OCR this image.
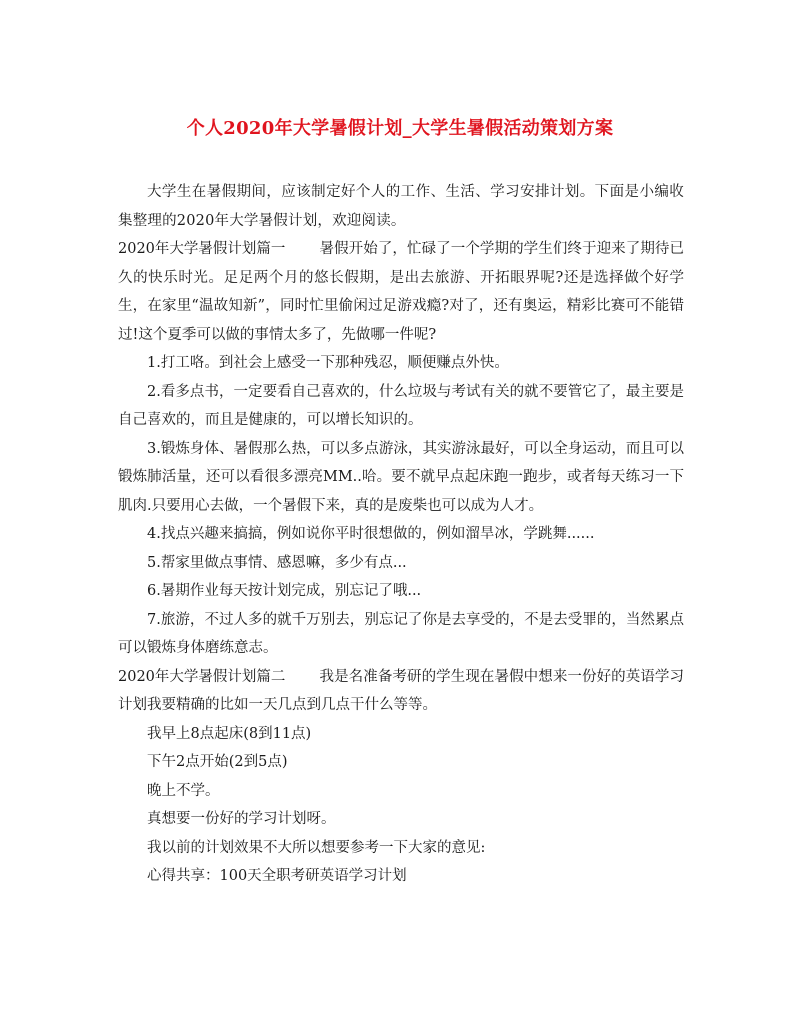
个人2020年大学暑假计划_大学生暑假活动策划方案

大学生在暑假期间，应该制定好个人的工作、生活、学习安排计划。下面是小编收集整理的2020年大学暑假计划，欢迎阅读。

2020年大学暑假计划篇一 暑假开始了，忙碌了一个学期的学生们终于迎来了期待已久的快乐时光。足足两个月的悠长假期，是出去旅游、开拓眼界呢?还是选择做个好学生，在家里“温故知新”，同时忙里偷闲过足游戏瘾?对了，还有奥运，精彩比赛可不能错过!这个夏季可以做的事情太多了，先做哪一件呢?

1.打工咯。到社会上感受一下那种残忍，顺便赚点外快。

2.看多点书，一定要看自己喜欢的，什么垃圾与考试有关的就不要管它了，最主要是自己喜欢的，而且是健康的，可以增长知识的。

3.锻炼身体、暑假那么热，可以多点游泳，其实游泳最好，可以全身运动，而且可以锻炼肺活量，还可以看很多漂亮MM..哈。要不就早点起床跑一跑步，或者每天练习一下肌肉.只要用心去做，一个暑假下来，真的是废柴也可以成为人才。

4.找点兴趣来搞搞，例如说你平时很想做的，例如溜旱冰，学跳舞......

5.帮家里做点事情、感恩嘛，多少有点...

6.暑期作业每天按计划完成，别忘记了哦...

7.旅游，不过人多的就千万别去，别忘记了你是去享受的，不是去受罪的，当然累点可以锻炼身体磨练意志。

2020年大学暑假计划篇二 我是名准备考研的学生现在暑假中想来一份好的英语学习计划我要精确的比如一天几点到几点干什么等等。

我早上8点起床(8到11点)

下午2点开始(2到5点)

晚上不学。

真想要一份好的学习计划呀。

我以前的计划效果不大所以想要参考一下大家的意见:

心得共享：100天全职考研英语学习计划
